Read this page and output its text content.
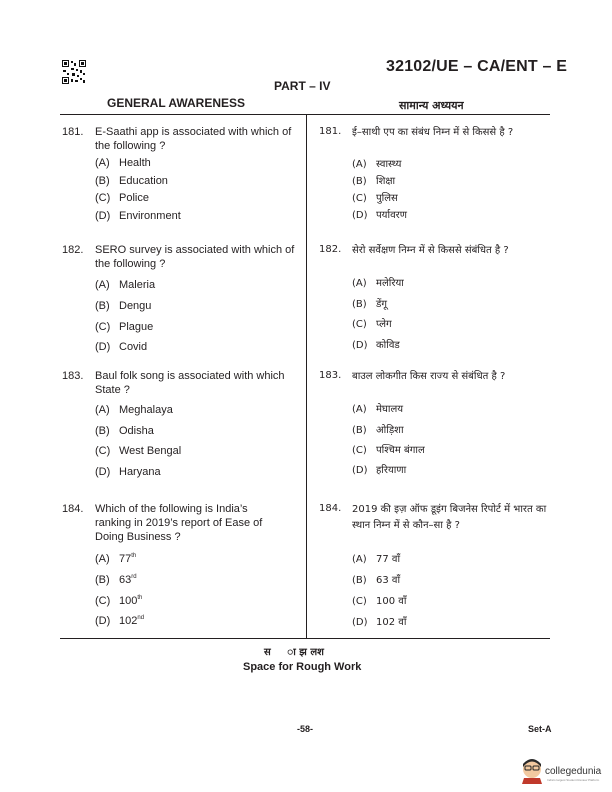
32102/UE – CA/ENT – E
PART – IV
GENERAL AWARENESS	सामान्य अध्ययन
181. E-Saathi app is associated with which of the following ?
(A) Health
(B) Education
(C) Police
(D) Environment
182. SERO survey is associated with which of the following ?
(A) Maleria
(B) Dengu
(C) Plague
(D) Covid
183. Baul folk song is associated with which State ?
(A) Meghalaya
(B) Odisha
(C) West Bengal
(D) Haryana
184. Which of the following is India’s ranking in 2019’s report of Ease of Doing Business ?
(A) 77th
(B) 63rd
(C) 100th
(D) 102nd
181. ई–साथी एप का संबंध निम्न में से किससे है ?
(A) स्वास्थ्य
(B) शिक्षा
(C) पुलिस
(D) पर्यावरण
182. सेरो सर्वेक्षण निम्न में से किससे संबंधित है ?
(A) मलेरिया
(B) डेंगू
(C) प्लेग
(D) कोविड
183. बाउल लोकगीत किस राज्य से संबंधित है ?
(A) मेघालय
(B) ओड़िशा
(C) पश्चिम बंगाल
(D) हरियाणा
184. 2019 की इज़ ऑफ डूइंग बिजनेस रिपोर्ट में भारत का स्थान निम्न में से कौन–सा है ?
(A) 77 वाँ
(B) 63 वाँ
(C) 100 वाँ
(D) 102 वाँ
स     ा झ लश
Space for Rough Work
-58-	Set-A
collegedunia
India's largest Student Review Platform
